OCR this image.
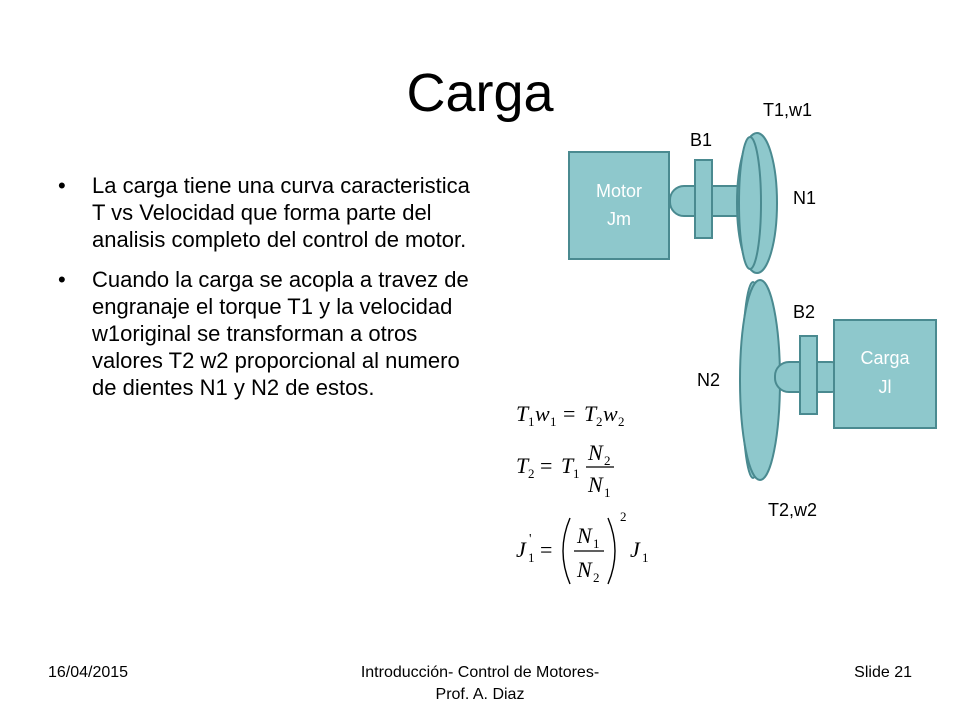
Carga
• La carga tiene una curva caracteristica T vs Velocidad que forma parte del analisis completo del control de motor.
• Cuando la carga se acopla a travez de engranaje el torque T1 y la velocidad w1original se transforman a otros valores T2 w2 proporcional al numero de dientes N1 y N2 de estos.
Motor
Jm
Carga
Jl
T1,w1
B1
N1
B2
N2
T2,w2
T 1 w 1 = T 2 w 2
T 2 = T 1
N 2
N 1
J '
1 =
N 1
N 2
2
J 1
16/04/2015	Introducción- Control de Motores-
Prof. A. Diaz
Slide 21
